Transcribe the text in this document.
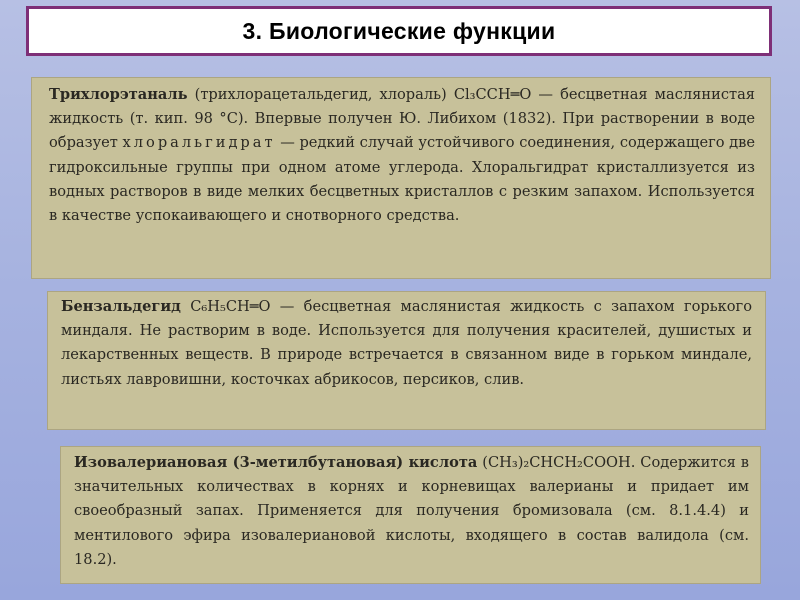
3. Биологические функции

Трихлорэтаналь (трихлорацетальдегид, хлораль) Cl₃CCH═O — бесцветная маслянистая жидкость (т. кип. 98 °С). Впервые получен Ю. Либихом (1832). При растворении в воде образует хлоральгидрат — редкий случай устойчивого соединения, содержащего две гидроксильные группы при одном атоме углерода. Хлоральгидрат кристаллизуется из водных растворов в виде мелких бесцветных кристаллов с резким запахом. Используется в качестве успокаивающего и снотворного средства.

Бензальдегид C₆H₅CH═O — бесцветная маслянистая жидкость с запахом горького миндаля. Не растворим в воде. Используется для получения красителей, душистых и лекарственных веществ. В природе встречается в связанном виде в горьком миндале, листьях лавровишни, косточках абрикосов, персиков, слив.

Изовалериановая (3-метилбутановая) кислота (CH₃)₂CHCH₂COOH. Содержится в значительных количествах в корнях и корневищах валерианы и придает им своеобразный запах. Применяется для получения бромизовала (см. 8.1.4.4) и ментилового эфира изовалериановой кислоты, входящего в состав валидола (см. 18.2).
